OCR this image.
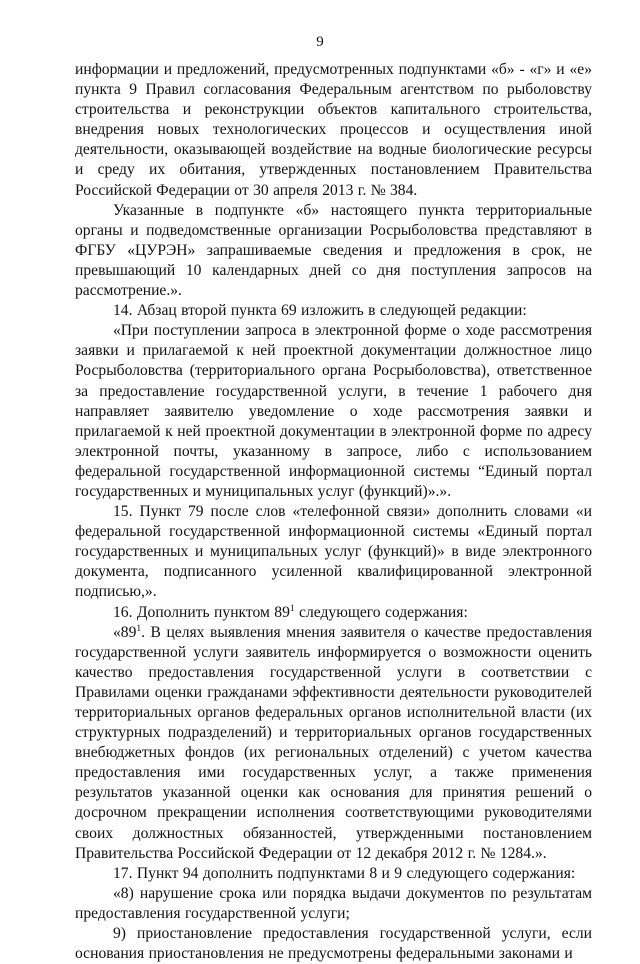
9

информации и предложений, предусмотренных подпунктами «б» - «г» и «е» пункта 9 Правил согласования Федеральным агентством по рыболовству строительства и реконструкции объектов капитального строительства, внедрения новых технологических процессов и осуществления иной деятельности, оказывающей воздействие на водные биологические ресурсы и среду их обитания, утвержденных постановлением Правительства Российской Федерации от 30 апреля 2013 г. № 384.

Указанные в подпункте «б» настоящего пункта территориальные органы и подведомственные организации Росрыболовства представляют в ФГБУ «ЦУРЭН» запрашиваемые сведения и предложения в срок, не превышающий 10 календарных дней со дня поступления запросов на рассмотрение.».

14. Абзац второй пункта 69 изложить в следующей редакции:

«При поступлении запроса в электронной форме о ходе рассмотрения заявки и прилагаемой к ней проектной документации должностное лицо Росрыболовства (территориального органа Росрыболовства), ответственное за предоставление государственной услуги, в течение 1 рабочего дня направляет заявителю уведомление о ходе рассмотрения заявки и прилагаемой к ней проектной документации в электронной форме по адресу электронной почты, указанному в запросе, либо с использованием федеральной государственной информационной системы “Единый портал государственных и муниципальных услуг (функций)».».

15. Пункт 79 после слов «телефонной связи» дополнить словами «и федеральной государственной информационной системы «Единый портал государственных и муниципальных услуг (функций)» в виде электронного документа, подписанного усиленной квалифицированной электронной подписью,».

16. Дополнить пунктом $89^1$ следующего содержания:

«$89^1$. В целях выявления мнения заявителя о качестве предоставления государственной услуги заявитель информируется о возможности оценить качество предоставления государственной услуги в соответствии с Правилами оценки гражданами эффективности деятельности руководителей территориальных органов федеральных органов исполнительной власти (их структурных подразделений) и территориальных органов государственных внебюджетных фондов (их региональных отделений) с учетом качества предоставления ими государственных услуг, а также применения результатов указанной оценки как основания для принятия решений о досрочном прекращении исполнения соответствующими руководителями своих должностных обязанностей, утвержденными постановлением Правительства Российской Федерации от 12 декабря 2012 г. № 1284.».

17. Пункт 94 дополнить подпунктами 8 и 9 следующего содержания:

«8) нарушение срока или порядка выдачи документов по результатам предоставления государственной услуги;

9) приостановление предоставления государственной услуги, если основания приостановления не предусмотрены федеральными законами и
